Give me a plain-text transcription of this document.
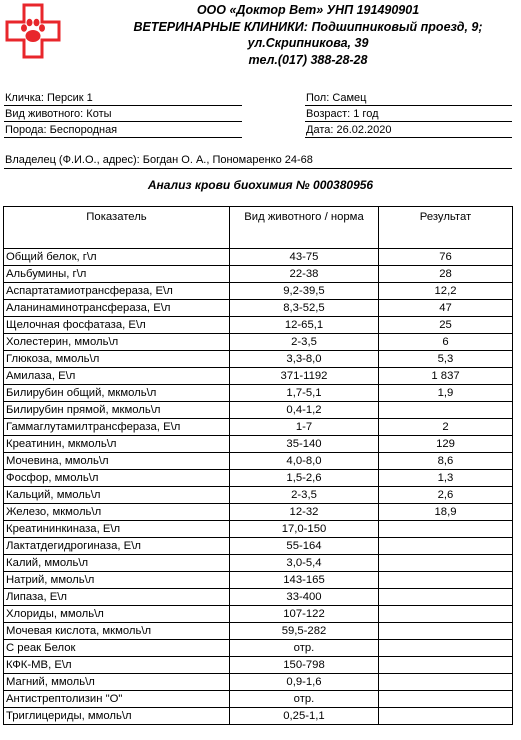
ООО «Доктор Вет» УНП 191490901
ВЕТЕРИНАРНЫЕ КЛИНИКИ: Подшипниковый проезд, 9;
ул.Скрипникова, 39
тел.(017) 388-28-28
Кличка: Персик 1
Вид животного: Коты
Порода: Беспородная
Пол: Самец
Возраст: 1 год
Дата: 26.02.2020
Владелец (Ф.И.О., адрес): Богдан О. А., Пономаренко 24-68
Анализ крови биохимия № 000380956
Показатель	Вид животного / норма	Результат
Общий белок, г\л	43-75	76
Альбумины, г\л	22-38	28
Аспартатамиотрансфераза, Е\л	9,2-39,5	12,2
Аланинаминотрансфераза, Е\л	8,3-52,5	47
Щелочная фосфатаза, Е\л	12-65,1	25
Холестерин, ммоль\л	2-3,5	6
Глюкоза, ммоль\л	3,3-8,0	5,3
Амилаза, Е\л	371-1192	1 837
Билирубин общий, мкмоль\л	1,7-5,1	1,9
Билирубин прямой, мкмоль\л	0,4-1,2	
Гаммаглутамилтрансфераза, Е\л	1-7	2
Креатинин, мкмоль\л	35-140	129
Мочевина, ммоль\л	4,0-8,0	8,6
Фосфор, ммоль\л	1,5-2,6	1,3
Кальций, ммоль\л	2-3,5	2,6
Железо, мкмоль\л	12-32	18,9
Креатининкиназа, Е\л	17,0-150	
Лактатдегидрогиназа, Е\л	55-164	
Калий, ммоль\л	3,0-5,4	
Натрий, ммоль\л	143-165	
Липаза, Е\л	33-400	
Хлориды, ммоль\л	107-122	
Мочевая кислота, мкмоль\л	59,5-282	
С реак Белок	отр.	
КФК-МВ, Е\л	150-798	
Магний, ммоль\л	0,9-1,6	
Антистрептолизин "О"	отр.	
Триглицериды, ммоль\л	0,25-1,1	
